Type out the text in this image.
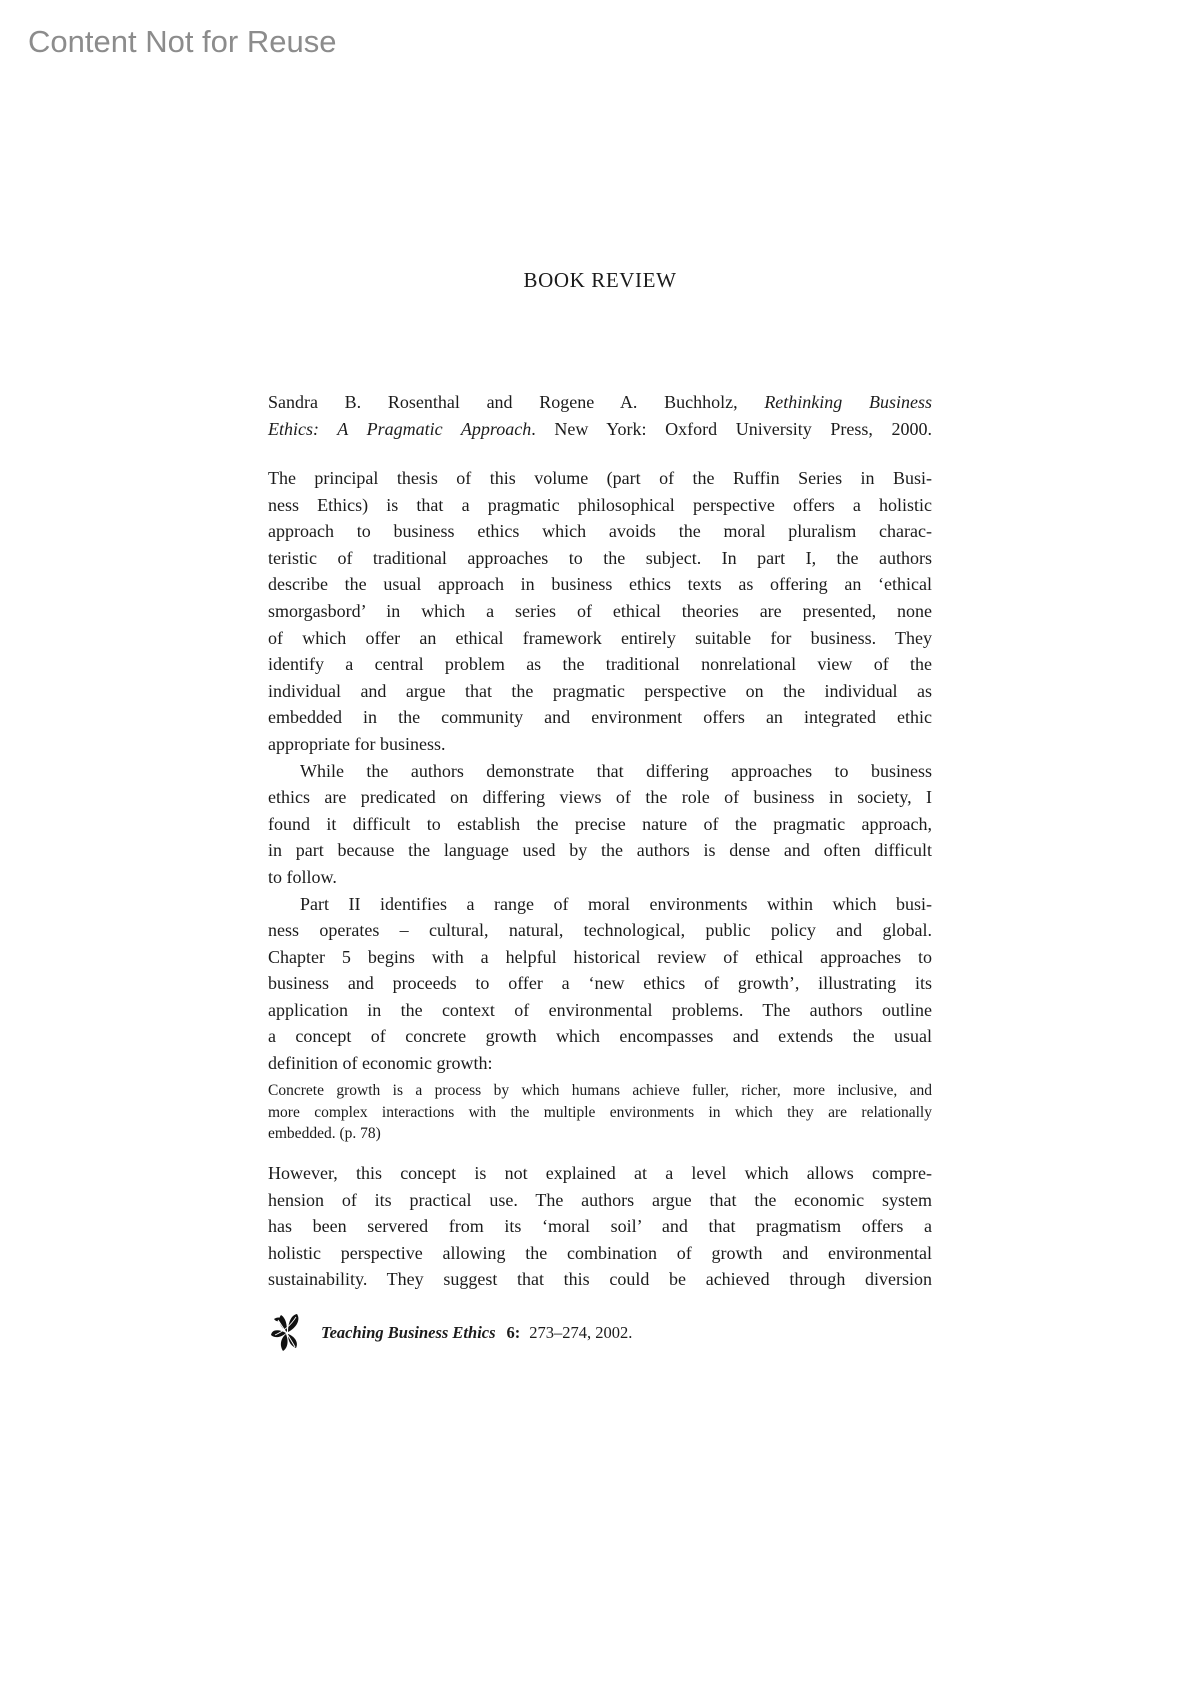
Content Not for Reuse
BOOK REVIEW
Sandra B. Rosenthal and Rogene A. Buchholz, Rethinking Business
Ethics: A Pragmatic Approach. New York: Oxford University Press, 2000.
The principal thesis of this volume (part of the Ruffin Series in Busi-
ness Ethics) is that a pragmatic philosophical perspective offers a holistic
approach to business ethics which avoids the moral pluralism charac-
teristic of traditional approaches to the subject. In part I, the authors
describe the usual approach in business ethics texts as offering an ‘ethical
smorgasbord’ in which a series of ethical theories are presented, none
of which offer an ethical framework entirely suitable for business. They
identify a central problem as the traditional nonrelational view of the
individual and argue that the pragmatic perspective on the individual as
embedded in the community and environment offers an integrated ethic
appropriate for business.
While the authors demonstrate that differing approaches to business
ethics are predicated on differing views of the role of business in society, I
found it difficult to establish the precise nature of the pragmatic approach,
in part because the language used by the authors is dense and often difficult
to follow.
Part II identifies a range of moral environments within which busi-
ness operates – cultural, natural, technological, public policy and global.
Chapter 5 begins with a helpful historical review of ethical approaches to
business and proceeds to offer a ‘new ethics of growth’, illustrating its
application in the context of environmental problems. The authors outline
a concept of concrete growth which encompasses and extends the usual
definition of economic growth:
Concrete growth is a process by which humans achieve fuller, richer, more inclusive, and
more complex interactions with the multiple environments in which they are relationally
embedded. (p. 78)
However, this concept is not explained at a level which allows compre-
hension of its practical use. The authors argue that the economic system
has been servered from its ‘moral soil’ and that pragmatism offers a
holistic perspective allowing the combination of growth and environmental
sustainability. They suggest that this could be achieved through diversion
Teaching Business Ethics 6: 273–274, 2002.
